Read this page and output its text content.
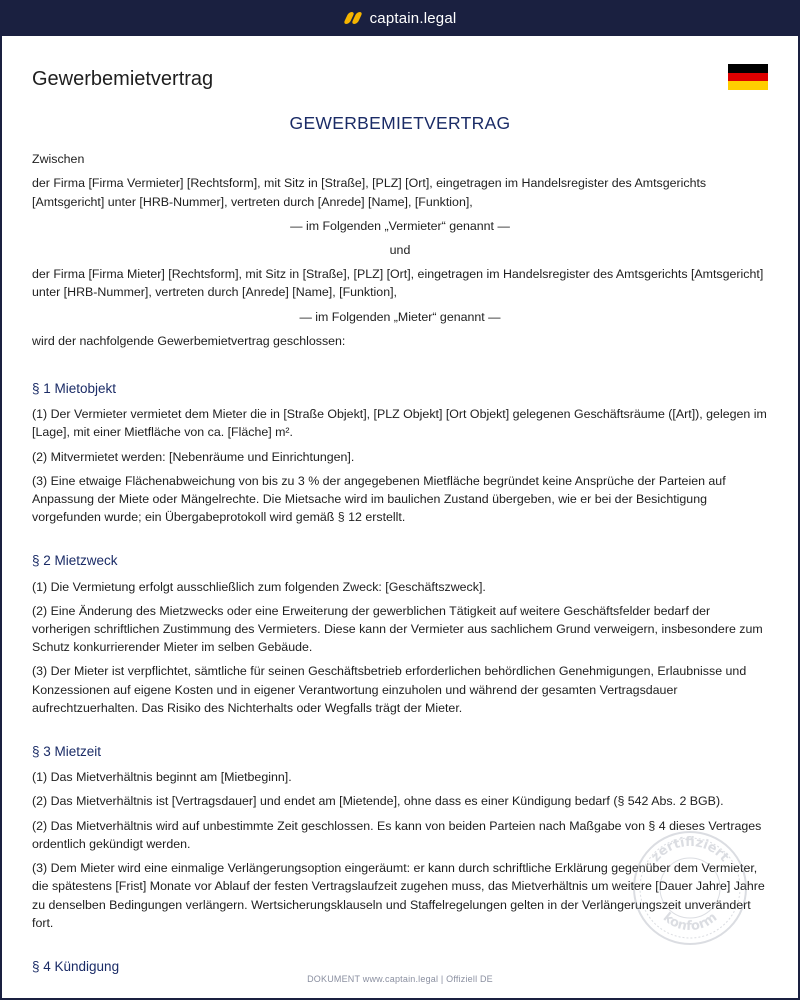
captain.legal
Gewerbemietvertrag
GEWERBEMIETVERTRAG
Zwischen
der Firma [Firma Vermieter] [Rechtsform], mit Sitz in [Straße], [PLZ] [Ort], eingetragen im Handelsregister des Amtsgerichts [Amtsgericht] unter [HRB-Nummer], vertreten durch [Anrede] [Name], [Funktion],
— im Folgenden „Vermieter“ genannt —
und
der Firma [Firma Mieter] [Rechtsform], mit Sitz in [Straße], [PLZ] [Ort], eingetragen im Handelsregister des Amtsgerichts [Amtsgericht] unter [HRB-Nummer], vertreten durch [Anrede] [Name], [Funktion],
— im Folgenden „Mieter“ genannt —
wird der nachfolgende Gewerbemietvertrag geschlossen:
§ 1 Mietobjekt
(1) Der Vermieter vermietet dem Mieter die in [Straße Objekt], [PLZ Objekt] [Ort Objekt] gelegenen Geschäftsräume ([Art]), gelegen im [Lage], mit einer Mietfläche von ca. [Fläche] m².
(2) Mitvermietet werden: [Nebenräume und Einrichtungen].
(3) Eine etwaige Flächenabweichung von bis zu 3 % der angegebenen Mietfläche begründet keine Ansprüche der Parteien auf Anpassung der Miete oder Mängelrechte. Die Mietsache wird im baulichen Zustand übergeben, wie er bei der Besichtigung vorgefunden wurde; ein Übergabeprotokoll wird gemäß § 12 erstellt.
§ 2 Mietzweck
(1) Die Vermietung erfolgt ausschließlich zum folgenden Zweck: [Geschäftszweck].
(2) Eine Änderung des Mietzwecks oder eine Erweiterung der gewerblichen Tätigkeit auf weitere Geschäftsfelder bedarf der vorherigen schriftlichen Zustimmung des Vermieters. Diese kann der Vermieter aus sachlichem Grund verweigern, insbesondere zum Schutz konkurrierender Mieter im selben Gebäude.
(3) Der Mieter ist verpflichtet, sämtliche für seinen Geschäftsbetrieb erforderlichen behördlichen Genehmigungen, Erlaubnisse und Konzessionen auf eigene Kosten und in eigener Verantwortung einzuholen und während der gesamten Vertragsdauer aufrechtzuerhalten. Das Risiko des Nichterhalts oder Wegfalls trägt der Mieter.
§ 3 Mietzeit
(1) Das Mietverhältnis beginnt am [Mietbeginn].
(2) Das Mietverhältnis ist [Vertragsdauer] und endet am [Mietende], ohne dass es einer Kündigung bedarf (§ 542 Abs. 2 BGB).
(2) Das Mietverhältnis wird auf unbestimmte Zeit geschlossen. Es kann von beiden Parteien nach Maßgabe von § 4 dieses Vertrages ordentlich gekündigt werden.
(3) Dem Mieter wird eine einmalige Verlängerungsoption eingeräumt: er kann durch schriftliche Erklärung gegenüber dem Vermieter, die spätestens [Frist] Monate vor Ablauf der festen Vertragslaufzeit zugehen muss, das Mietverhältnis um weitere [Dauer Jahre] Jahre zu denselben Bedingungen verlängern. Wertsicherungsklauseln und Staffelregelungen gelten in der Verlängerungszeit unverändert fort.
§ 4 Kündigung
zertifiziert
konform
DOKUMENT www.captain.legal | Offiziell DE
